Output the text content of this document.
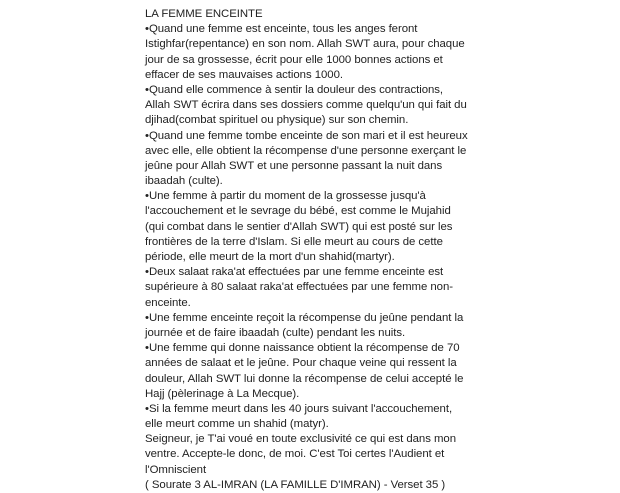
LA FEMME ENCEINTE
•Quand une femme est enceinte, tous les anges feront
Istighfar(repentance) en son nom. Allah SWT aura, pour chaque
jour de sa grossesse, écrit pour elle 1000 bonnes actions et
effacer de ses mauvaises actions 1000.
•Quand elle commence à sentir la douleur des contractions,
Allah SWT écrira dans ses dossiers comme quelqu'un qui fait du
djihad(combat spirituel ou physique) sur son chemin.
•Quand une femme tombe enceinte de son mari et il est heureux
avec elle, elle obtient la récompense d'une personne exerçant le
jeûne pour Allah SWT et une personne passant la nuit dans
ibaadah (culte).
•Une femme à partir du moment de la grossesse jusqu'à
l'accouchement et le sevrage du bébé, est comme le Mujahid
(qui combat dans le sentier d'Allah SWT) qui est posté sur les
frontières de la terre d'Islam. Si elle meurt au cours de cette
période, elle meurt de la mort d'un shahid(martyr).
•Deux salaat raka'at effectuées par une femme enceinte est
supérieure à 80 salaat raka'at effectuées par une femme non-
enceinte.
•Une femme enceinte reçoit la récompense du jeûne pendant la
journée et de faire ibaadah (culte) pendant les nuits.
•Une femme qui donne naissance obtient la récompense de 70
années de salaat et le jeûne. Pour chaque veine qui ressent la
douleur, Allah SWT lui donne la récompense de celui accepté le
Hajj (pèlerinage à La Mecque).
•Si la femme meurt dans les 40 jours suivant l'accouchement,
elle meurt comme un shahid (matyr).
Seigneur, je T'ai voué en toute exclusivité ce qui est dans mon
ventre. Accepte-le donc, de moi. C'est Toi certes l'Audient et
l'Omniscient
( Sourate 3 AL-IMRAN (LA FAMILLE D'IMRAN) - Verset 35 )
